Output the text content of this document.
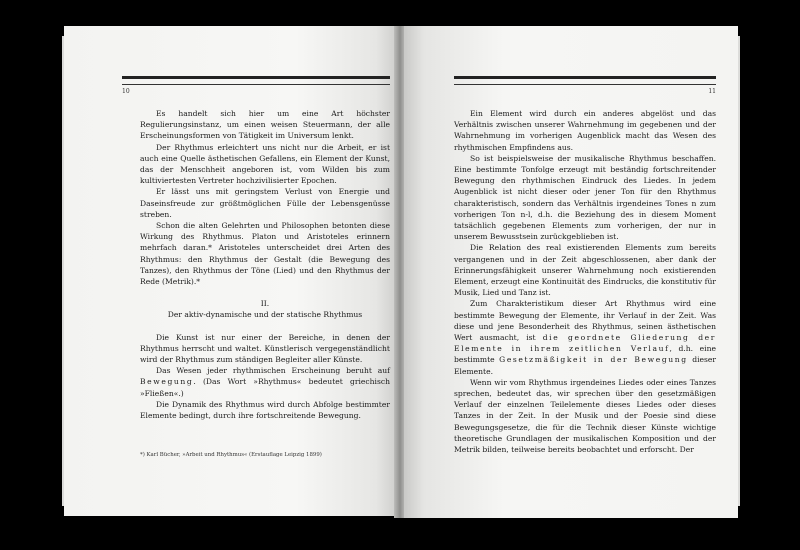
10

Es handelt sich hier um eine Art höchster Regulierungsinstanz, um einen weisen Steuermann, der alle Erscheinungsformen von Tätigkeit im Universum lenkt.

Der Rhythmus erleichtert uns nicht nur die Arbeit, er ist auch eine Quelle ästhetischen Gefallens, ein Element der Kunst, das der Menschheit angeboren ist, vom Wilden bis zum kultiviertesten Vertreter hochzivilisierter Epochen.

Er lässt uns mit geringstem Verlust von Energie und Daseinsfreude zur größtmöglichen Fülle der Lebensgenüsse streben.

Schon die alten Gelehrten und Philosophen betonten diese Wirkung des Rhythmus. Platon und Aristoteles erinnern mehrfach daran.* Aristoteles unterscheidet drei Arten des Rhythmus: den Rhythmus der Gestalt (die Bewegung des Tanzes), den Rhythmus der Töne (Lied) und den Rhythmus der Rede (Metrik).*

II.

Der aktiv-dynamische und der statische Rhythmus

Die Kunst ist nur einer der Bereiche, in denen der Rhythmus herrscht und waltet. Künstlerisch vergegenständlicht wird der Rhythmus zum ständigen Begleiter aller Künste.

Das Wesen jeder rhythmischen Erscheinung beruht auf Bewegung. (Das Wort »Rhythmus« bedeutet griechisch »Fließen«.)

Die Dynamik des Rhythmus wird durch Abfolge bestimmter Elemente bedingt, durch ihre fortschreitende Bewegung.

*) Karl Bücher, »Arbeit und Rhythmus« (Erstauflage Leipzig 1899)
11

Ein Element wird durch ein anderes abgelöst und das Verhältnis zwischen unserer Wahrnehmung im gegebenen und der Wahrnehmung im vorherigen Augenblick macht das Wesen des rhythmischen Empfindens aus.

So ist beispielsweise der musikalische Rhythmus beschaffen. Eine bestimmte Tonfolge erzeugt mit beständig fortschreitender Bewegung den rhythmischen Eindruck des Liedes. In jedem Augenblick ist nicht dieser oder jener Ton für den Rhythmus charakteristisch, sondern das Verhältnis irgendeines Tones n zum vorherigen Ton n-l, d.h. die Beziehung des in diesem Moment tatsächlich gegebenen Elements zum vorherigen, der nur in unserem Bewusstsein zurückgeblieben ist.

Die Relation des real existierenden Elements zum bereits vergangenen und in der Zeit abgeschlossenen, aber dank der Erinnerungsfähigkeit unserer Wahrnehmung noch existierenden Element, erzeugt eine Kontinuität des Eindrucks, die konstitutiv für Musik, Lied und Tanz ist.

Zum Charakteristikum dieser Art Rhythmus wird eine bestimmte Bewegung der Elemente, ihr Verlauf in der Zeit. Was diese und jene Besonderheit des Rhythmus, seinen ästhetischen Wert ausmacht, ist die geordnete Gliederung der Elemente in ihrem zeitlichen Verlauf, d.h. eine bestimmte Gesetzmäßigkeit in der Bewegung dieser Elemente.

Wenn wir vom Rhythmus irgendeines Liedes oder eines Tanzes sprechen, bedeutet das, wir sprechen über den gesetzmäßigen Verlauf der einzelnen Teilelemente dieses Liedes oder dieses Tanzes in der Zeit. In der Musik und der Poesie sind diese Bewegungsgesetze, die für die Technik dieser Künste wichtige theoretische Grundlagen der musikalischen Komposition und der Metrik bilden, teilweise bereits beobachtet und erforscht. Der
